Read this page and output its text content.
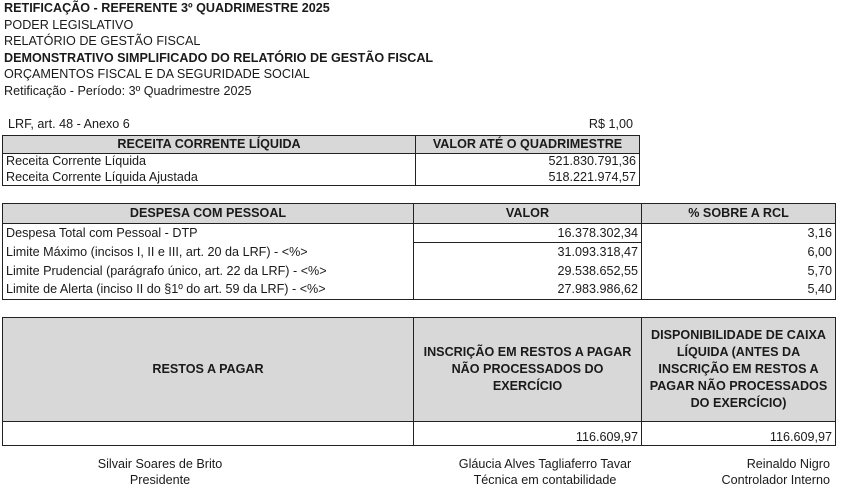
RETIFICAÇÃO - REFERENTE 3º QUADRIMESTRE 2025
PODER LEGISLATIVO
RELATÓRIO DE GESTÃO FISCAL
DEMONSTRATIVO SIMPLIFICADO DO RELATÓRIO DE GESTÃO FISCAL
ORÇAMENTOS FISCAL E DA SEGURIDADE SOCIAL
Retificação - Período: 3º Quadrimestre 2025
LRF, art. 48 - Anexo 6	R$ 1,00
RECEITA CORRENTE LÍQUIDA	VALOR ATÉ O QUADRIMESTRE
Receita Corrente Líquida	521.830.791,36
Receita Corrente Líquida Ajustada	518.221.974,57
DESPESA COM PESSOAL	VALOR	% SOBRE A RCL
Despesa Total com Pessoal - DTP	16.378.302,34	3,16
Limite Máximo (incisos I, II e III, art. 20 da LRF) - <%>	31.093.318,47	6,00
Limite Prudencial (parágrafo único, art. 22 da LRF) - <%>	29.538.652,55	5,70
Limite de Alerta (inciso II do §1º do art. 59 da LRF) - <%>	27.983.986,62	5,40
RESTOS A PAGAR	INSCRIÇÃO EM RESTOS A PAGAR NÃO PROCESSADOS DO EXERCÍCIO	DISPONIBILIDADE DE CAIXA LÍQUIDA (ANTES DA INSCRIÇÃO EM RESTOS A PAGAR NÃO PROCESSADOS DO EXERCÍCIO)
	116.609,97	116.609,97
Silvair Soares de Brito
Presidente
Gláucia Alves Tagliaferro Tavar
Técnica em contabilidade
Reinaldo Nigro
Controlador Interno
